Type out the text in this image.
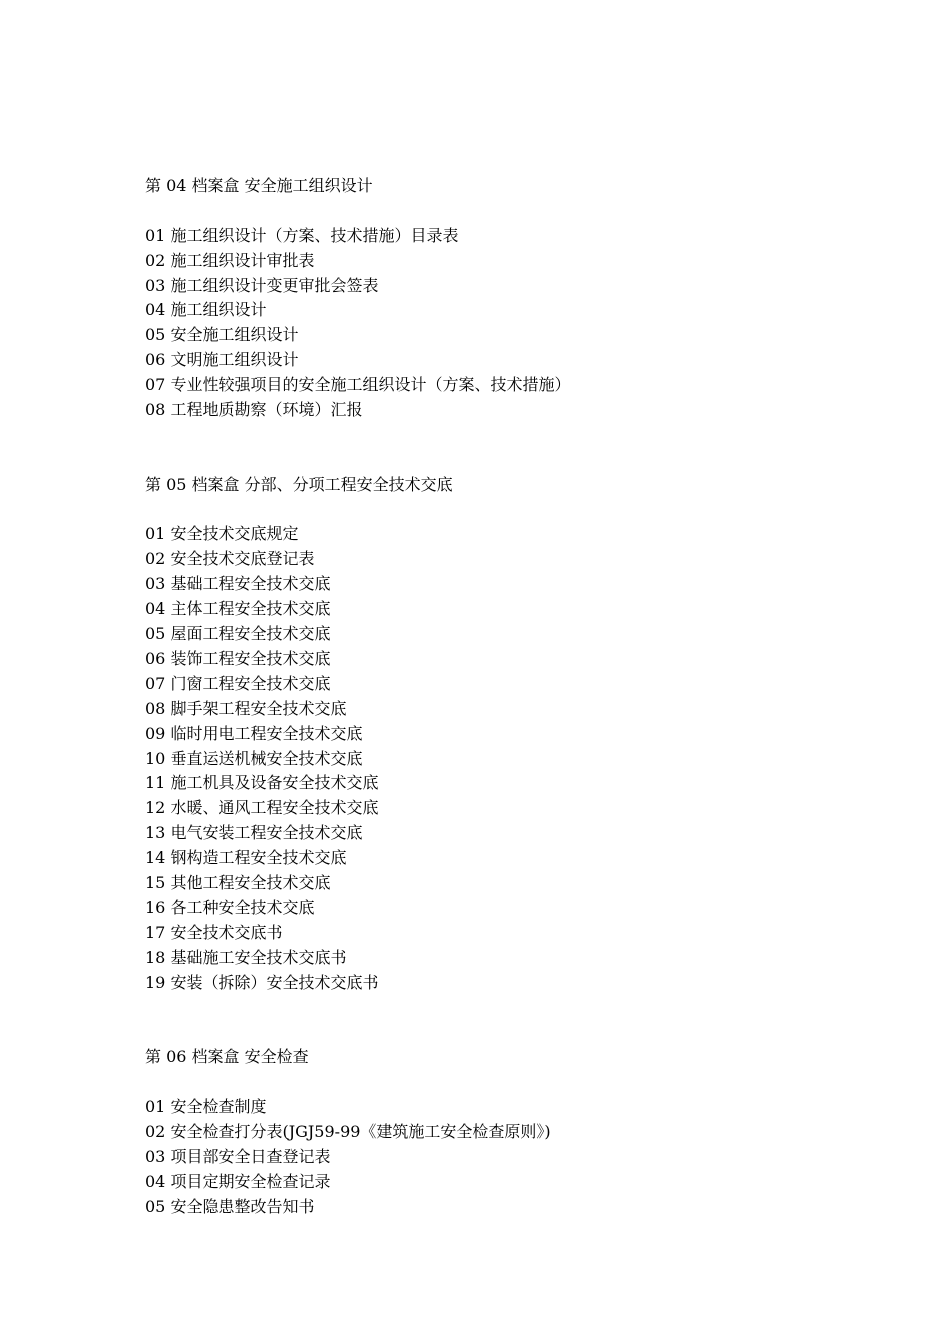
第 04 档案盒 安全施工组织设计

01 施工组织设计（方案、技术措施）目录表
02 施工组织设计审批表
03 施工组织设计变更审批会签表
04 施工组织设计
05 安全施工组织设计
06 文明施工组织设计
07 专业性较强项目的安全施工组织设计（方案、技术措施）
08 工程地质勘察（环境）汇报

第 05 档案盒 分部、分项工程安全技术交底

01 安全技术交底规定
02 安全技术交底登记表
03 基础工程安全技术交底
04 主体工程安全技术交底
05 屋面工程安全技术交底
06 装饰工程安全技术交底
07 门窗工程安全技术交底
08 脚手架工程安全技术交底
09 临时用电工程安全技术交底
10 垂直运送机械安全技术交底
11 施工机具及设备安全技术交底
12 水暖、通风工程安全技术交底
13 电气安装工程安全技术交底
14 钢构造工程安全技术交底
15 其他工程安全技术交底
16 各工种安全技术交底
17 安全技术交底书
18 基础施工安全技术交底书
19 安装（拆除）安全技术交底书

第 06 档案盒 安全检查

01 安全检查制度
02 安全检查打分表(JGJ59-99《建筑施工安全检查原则》)
03 项目部安全日查登记表
04 项目定期安全检查记录
05 安全隐患整改告知书
